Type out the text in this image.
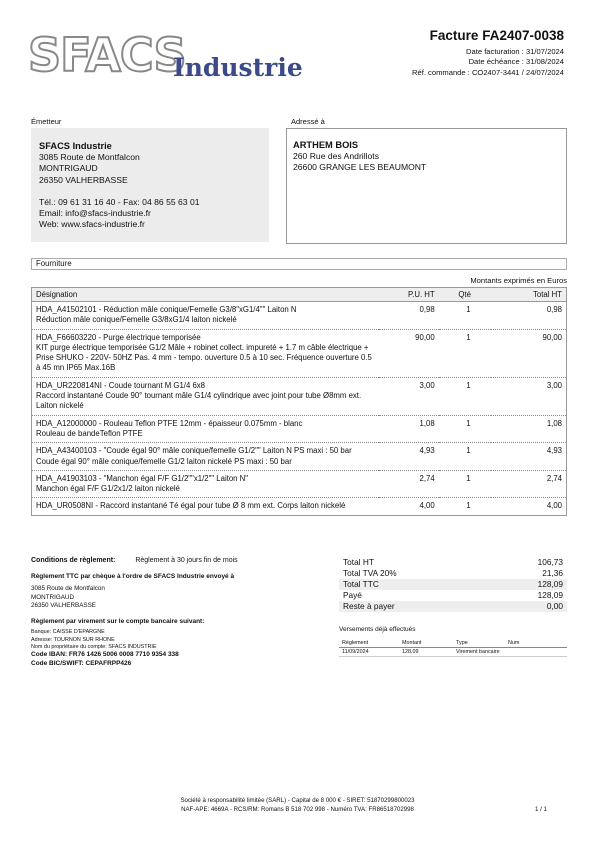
SFACS
Industrie
Facture FA2407-0038
Date facturation : 31/07/2024
Date échéance : 31/08/2024
Réf. commande : CO2407-3441 / 24/07/2024
Émetteur
SFACS Industrie
3085 Route de Montfalcon
MONTRIGAUD
26350 VALHERBASSE
Tél.: 09 61 31 16 40 - Fax: 04 86 55 63 01
Email: info@sfacs-industrie.fr
Web: www.sfacs-industrie.fr
Adressé à
ARTHEM BOIS
260 Rue des Andrillots
26600 GRANGE LES BEAUMONT
Fourniture
Montants exprimés en Euros
Désignation	P.U. HT	Qté	Total HT

HDA_A41502101 - Réduction mâle conique/Femelle G3/8"xG1/4"" Laiton N
Réduction mâle conique/Femelle G3/8xG1/4 laiton nickelé	0,98	1	0,98

HDA_F66603220 - Purge électrique temporisée
KIT purge électrique temporisée G1/2 Mâle + robinet collect. impureté + 1.7 m câble électrique + Prise SHUKO - 220V- 50HZ Pas. 4 mm - tempo. ouverture 0.5 à 10 sec. Fréquence ouverture 0.5 à 45 mn IP65 Max.16B	90,00	1	90,00

HDA_UR220814NI - Coude tournant M G1/4 6x8
Raccord instantané Coude 90° tournant mâle G1/4 cylindrique avec joint pour tube Ø8mm ext. Laiton nickelé	3,00	1	3,00

HDA_A12000000 - Rouleau Teflon PTFE 12mm - épaisseur 0.075mm - blanc
Rouleau de bandeTeflon PTFE	1,08	1	1,08

HDA_A43400103 - "Coude égal 90° mâle conique/femelle G1/2"" Laiton N PS maxi : 50 bar
Coude égal 90° mâle conique/femelle G1/2 laiton nickelé PS maxi : 50 bar	4,93	1	4,93

HDA_A41903103 - "Manchon égal F/F G1/2""x1/2"" Laiton N"
Manchon égal F/F G1/2x1/2 laiton nickelé	2,74	1	2,74

HDA_UR0508NI - Raccord instantané Té égal pour tube Ø 8 mm ext. Corps laiton nickelé	4,00	1	4,00
Conditions de règlement:	Règlement à 30 jours fin de mois
Règlement TTC par chèque à l'ordre de SFACS Industrie envoyé à
3085 Route de Montfalcon
MONTRIGAUD
26350 VALHERBASSE
Règlement par virement sur le compte bancaire suivant:
Banque: CAISSE D'EPARGNE
Adresse: TOURNON SUR RHONE
Nom du propriétaire du compte: SFACS INDUSTRIE
Code IBAN: FR76 1426 5006 0008 7710 9354 338
Code BIC/SWIFT: CEPAFRPP426
Total HT	106,73
Total TVA 20%	21,36
Total TTC	128,09
Payé	128,09
Reste à payer	0,00
Versements déjà effectués
Règlement	Montant	Type	Num
11/09/2024	128,09	Virement bancaire
Société à responsabilité limitée (SARL) - Capital de 8 000 € - SIRET: 51870299800023
NAF-APE: 4669A - RCS/RM: Romans B 518 702 998 - Numéro TVA: FR86518702998	1 / 1
